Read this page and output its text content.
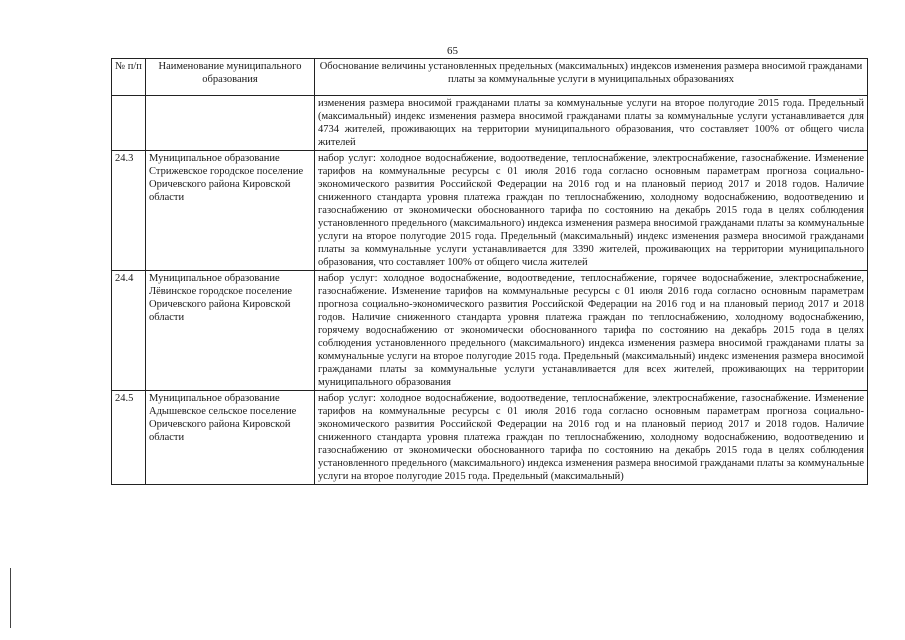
65
№ п/п	Наименование муниципального образования	Обоснование величины установленных предельных (максимальных) индексов изменения размера вносимой гражданами платы за коммунальные услуги в муниципальных образованиях
		изменения размера вносимой гражданами платы за коммунальные услуги на второе полугодие 2015 года. Предельный (максимальный) индекс изменения размера вносимой гражданами платы за коммунальные услуги устанавливается для 4734 жителей, проживающих на территории муниципального образования, что составляет 100% от общего числа жителей
24.3	Муниципальное образование Стрижевское городское поселение Оричевского района Кировской области	набор услуг: холодное водоснабжение, водоотведение, теплоснабжение, электроснабжение, газоснабжение. Изменение тарифов на коммунальные ресурсы с 01 июля 2016 года согласно основным параметрам прогноза социально-экономического развития Российской Федерации на 2016 год и на плановый период 2017 и 2018 годов. Наличие сниженного стандарта уровня платежа граждан по теплоснабжению, холодному водоснабжению, водоотведению и газоснабжению от экономически обоснованного тарифа по состоянию на декабрь 2015 года в целях соблюдения установленного предельного (максимального) индекса изменения размера вносимой гражданами платы за коммунальные услуги на второе полугодие 2015 года. Предельный (максимальный) индекс изменения размера вносимой гражданами платы за коммунальные услуги устанавливается для 3390 жителей, проживающих на территории муниципального образования, что составляет 100% от общего числа жителей
24.4	Муниципальное образование Лёвинское городское поселение Оричевского района Кировской области	набор услуг: холодное водоснабжение, водоотведение, теплоснабжение, горячее водоснабжение, электроснабжение, газоснабжение. Изменение тарифов на коммунальные ресурсы с 01 июля 2016 года согласно основным параметрам прогноза социально-экономического развития Российской Федерации на 2016 год и на плановый период 2017 и 2018 годов. Наличие сниженного стандарта уровня платежа граждан по теплоснабжению, холодному водоснабжению, горячему водоснабжению от экономически обоснованного тарифа по состоянию на декабрь 2015 года в целях соблюдения установленного предельного (максимального) индекса изменения размера вносимой гражданами платы за коммунальные услуги на второе полугодие 2015 года. Предельный (максимальный) индекс изменения размера вносимой гражданами платы за коммунальные услуги устанавливается для всех жителей, проживающих на территории муниципального образования
24.5	Муниципальное образование Адышевское сельское поселение Оричевского района Кировской области	набор услуг: холодное водоснабжение, водоотведение, теплоснабжение, электроснабжение, газоснабжение. Изменение тарифов на коммунальные ресурсы с 01 июля 2016 года согласно основным параметрам прогноза социально-экономического развития Российской Федерации на 2016 год и на плановый период 2017 и 2018 годов. Наличие сниженного стандарта уровня платежа граждан по теплоснабжению, холодному водоснабжению, водоотведению и газоснабжению от экономически обоснованного тарифа по состоянию на декабрь 2015 года в целях соблюдения установленного предельного (максимального) индекса изменения размера вносимой гражданами платы за коммунальные услуги на второе полугодие 2015 года. Предельный (максимальный)
